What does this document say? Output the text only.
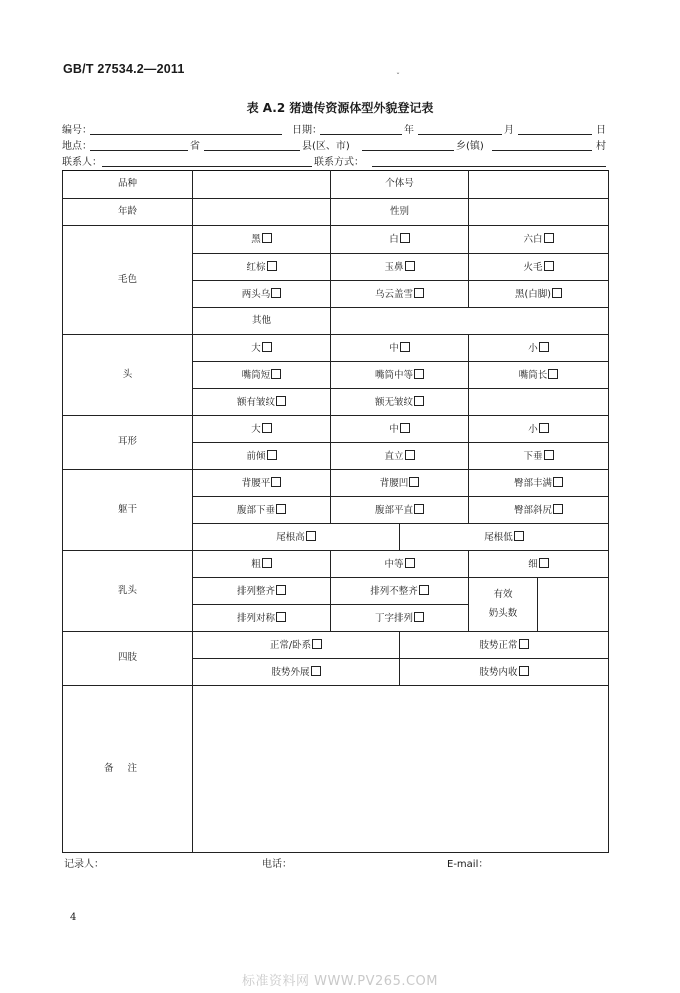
GB/T 27534.2—2011
ˇ
表 A.2 猪遗传资源体型外貌登记表
编号：	日期：	年	月	日
地点：	省	县(区、市)	乡(镇)	村
联系人：	联系方式：
品种		个体号			
年龄		性别			
毛色	黑	白		六白	
	红棕	玉鼻		火毛	
	两头乌	乌云盖雪		黑(白脚)	
	其他				
头	大	中		小	
	嘴筒短	嘴筒中等		嘴筒长	
	额有皱纹	额无皱纹			
耳形	大	中		小	
	前倾	直立		下垂	
躯干	背腰平	背腰凹		臀部丰满	
	腹部下垂	腹部平直		臀部斜尻	
	尾根高		尾根低		
乳头	粗	中等		细	
	排列整齐	排列不整齐		有效
奶头数	
	排列对称	丁字排列			
四肢	正常/卧系		肢势正常		
	肢势外展		肢势内收		
备注					
记录人：	电话：	E-mail：
4
标准资料网 WWW.PV265.COM
